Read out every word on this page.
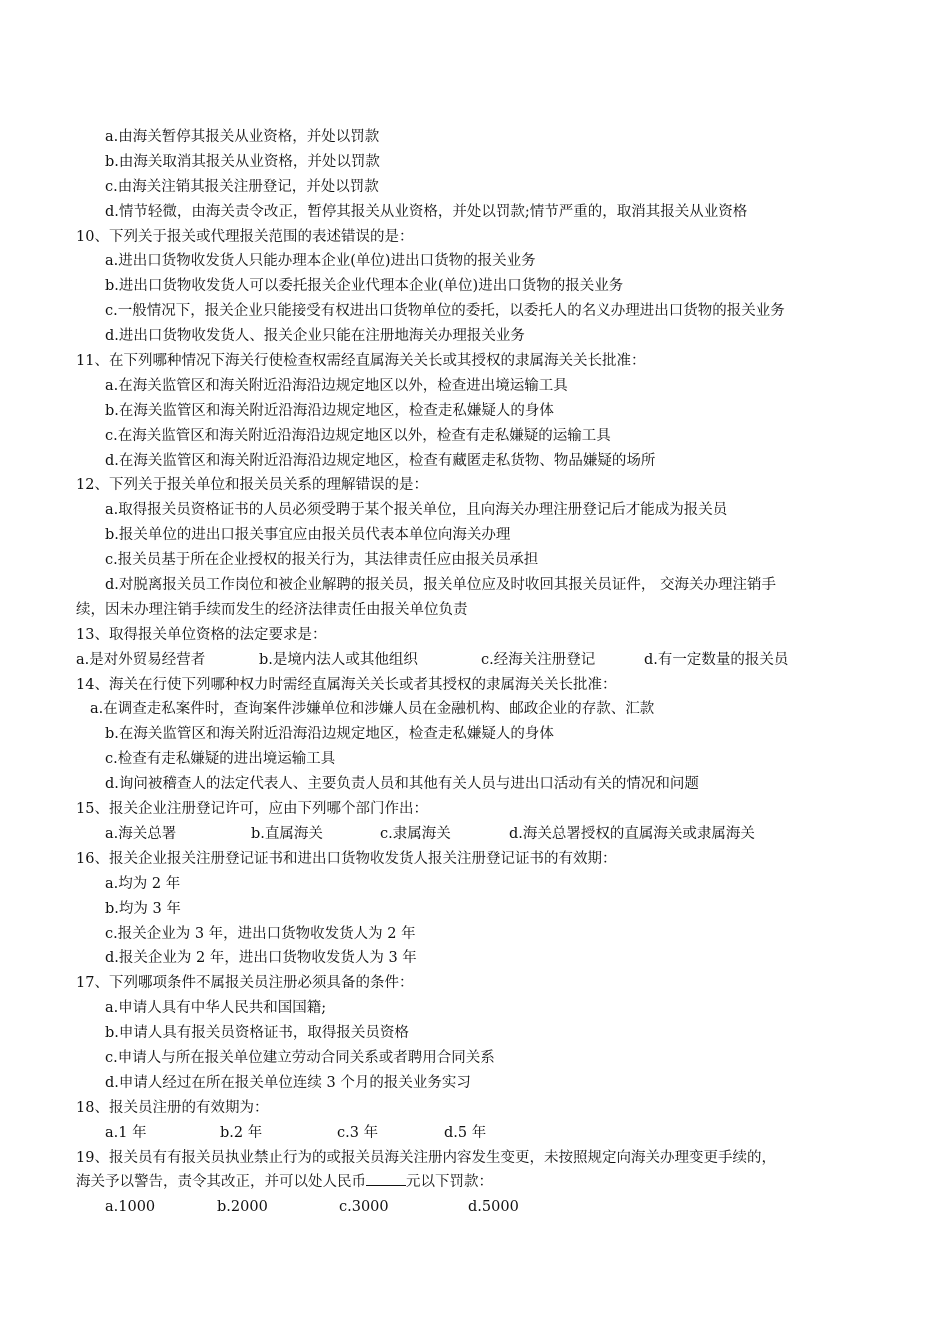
a.由海关暂停其报关从业资格，并处以罚款
b.由海关取消其报关从业资格，并处以罚款
c.由海关注销其报关注册登记，并处以罚款
d.情节轻微，由海关责令改正，暂停其报关从业资格，并处以罚款;情节严重的，取消其报关从业资格
10、下列关于报关或代理报关范围的表述错误的是：
a.进出口货物收发货人只能办理本企业(单位)进出口货物的报关业务
b.进出口货物收发货人可以委托报关企业代理本企业(单位)进出口货物的报关业务
c.一般情况下，报关企业只能接受有权进出口货物单位的委托，以委托人的名义办理进出口货物的报关业务
d.进出口货物收发货人、报关企业只能在注册地海关办理报关业务
11、在下列哪种情况下海关行使检查权需经直属海关关长或其授权的隶属海关关长批准：
a.在海关监管区和海关附近沿海沿边规定地区以外，检查进出境运输工具
b.在海关监管区和海关附近沿海沿边规定地区，检查走私嫌疑人的身体
c.在海关监管区和海关附近沿海沿边规定地区以外，检查有走私嫌疑的运输工具
d.在海关监管区和海关附近沿海沿边规定地区，检查有藏匿走私货物、物品嫌疑的场所
12、下列关于报关单位和报关员关系的理解错误的是：
a.取得报关员资格证书的人员必须受聘于某个报关单位，且向海关办理注册登记后才能成为报关员
b.报关单位的进出口报关事宜应由报关员代表本单位向海关办理
c.报关员基于所在企业授权的报关行为，其法律责任应由报关员承担
d.对脱离报关员工作岗位和被企业解聘的报关员，报关单位应及时收回其报关员证件， 交海关办理注销手
续，因未办理注销手续而发生的经济法律责任由报关单位负责
13、取得报关单位资格的法定要求是：
a.是对外贸易经营者	b.是境内法人或其他组织	c.经海关注册登记	d.有一定数量的报关员
14、海关在行使下列哪种权力时需经直属海关关长或者其授权的隶属海关关长批准：
a.在调查走私案件时，查询案件涉嫌单位和涉嫌人员在金融机构、邮政企业的存款、汇款
b.在海关监管区和海关附近沿海沿边规定地区，检查走私嫌疑人的身体
c.检查有走私嫌疑的进出境运输工具
d.询问被稽查人的法定代表人、主要负责人员和其他有关人员与进出口活动有关的情况和问题
15、报关企业注册登记许可，应由下列哪个部门作出：
a.海关总署	b.直属海关	c.隶属海关	d.海关总署授权的直属海关或隶属海关
16、报关企业报关注册登记证书和进出口货物收发货人报关注册登记证书的有效期：
a.均为 2 年
b.均为 3 年
c.报关企业为 3 年，进出口货物收发货人为 2 年
d.报关企业为 2 年，进出口货物收发货人为 3 年
17、下列哪项条件不属报关员注册必须具备的条件：
a.申请人具有中华人民共和国国籍;
b.申请人具有报关员资格证书，取得报关员资格
c.申请人与所在报关单位建立劳动合同关系或者聘用合同关系
d.申请人经过在所在报关单位连续 3 个月的报关业务实习
18、报关员注册的有效期为：
a.1 年	b.2 年	c.3 年	d.5 年
19、报关员有有报关员执业禁止行为的或报关员海关注册内容发生变更，未按照规定向海关办理变更手续的，
海关予以警告，责令其改正，并可以处人民币	元以下罚款：
a.1000	b.2000	c.3000	d.5000
